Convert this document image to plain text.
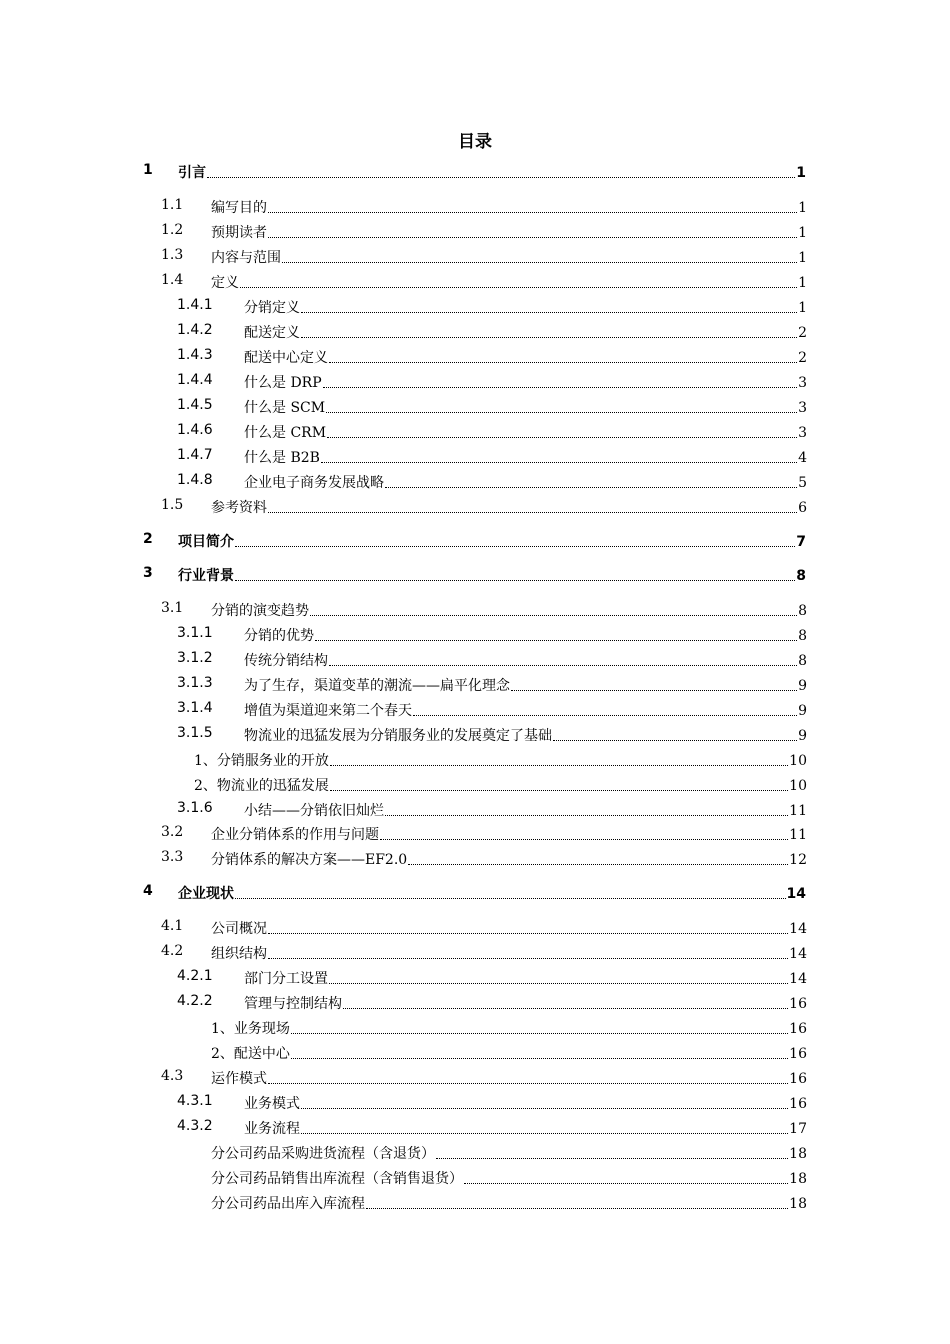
目录
1 引言	1
1.1 编写目的	1
1.2 预期读者	1
1.3 内容与范围	1
1.4 定义	1
1.4.1 分销定义	1
1.4.2 配送定义	2
1.4.3 配送中心定义	2
1.4.4 什么是 DRP	3
1.4.5 什么是 SCM	3
1.4.6 什么是 CRM	3
1.4.7 什么是 B2B	4
1.4.8 企业电子商务发展战略	5
1.5 参考资料	6
2 项目简介	7
3 行业背景	8
3.1 分销的演变趋势	8
3.1.1 分销的优势	8
3.1.2 传统分销结构	8
3.1.3 为了生存，渠道变革的潮流——扁平化理念	9
3.1.4 增值为渠道迎来第二个春天	9
3.1.5 物流业的迅猛发展为分销服务业的发展奠定了基础	9
1、分销服务业的开放	10
2、物流业的迅猛发展	10
3.1.6 小结——分销依旧灿烂	11
3.2 企业分销体系的作用与问题	11
3.3 分销体系的解决方案——EF2.0	12
4 企业现状	14
4.1 公司概况	14
4.2 组织结构	14
4.2.1 部门分工设置	14
4.2.2 管理与控制结构	16
1、业务现场	16
2、配送中心	16
4.3 运作模式	16
4.3.1 业务模式	16
4.3.2 业务流程	17
分公司药品采购进货流程（含退货）	18
分公司药品销售出库流程（含销售退货）	18
分公司药品出库入库流程	18
